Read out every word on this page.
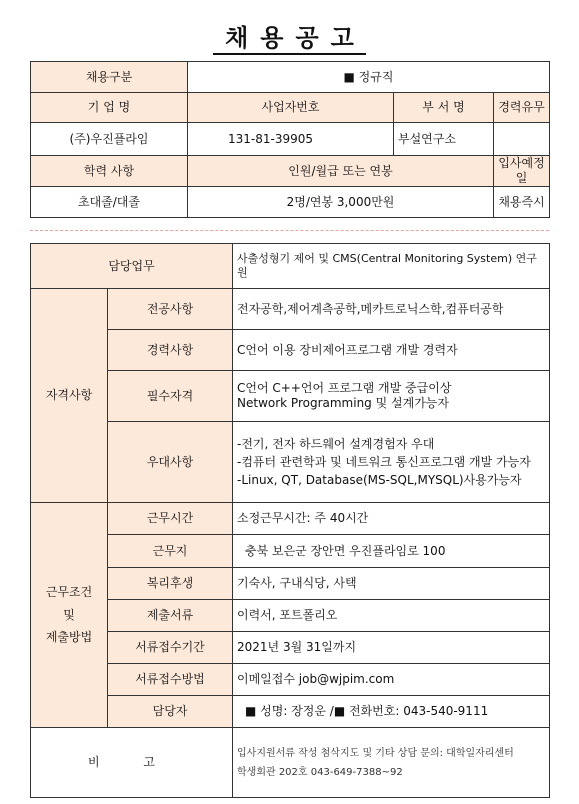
채용공고
채용구분	■ 정규직		
기 업 명	사업자번호	부 서 명	경력유무
(주)우진플라임	131-81-39905	부설연구소	
학력 사항	인원/월급 또는 연봉		입사예정일
초대졸/대졸	2명/연봉 3,000만원		채용즉시
담당업무		사출성형기 제어 및 CMS(Central Monitoring System) 연구원
자격사항	전공사항	전자공학,제어계측공학,메카트로닉스학,컴퓨터공학
	경력사항	C언어 이용 장비제어프로그램 개발 경력자
	필수자격	C언어 C++언어 프로그램 개발 중급이상
Network Programming 및 설계가능자

	우대사항	-전기, 전자 하드웨어 설계경험자 우대
-컴퓨터 관련학과 및 네트워크 통신프로그램 개발 가능자
-Linux, QT, Database(MS-SQL,MYSQL)사용가능자

근무조건
및
제출방법	근무시간	소정근무시간: 주 40시간
	근무지	충북 보은군 장안면 우진플라임로 100
	복리후생	기숙사, 구내식당, 사택
	제출서류	이력서, 포트폴리오
	서류접수기간	2021년 3월 31일까지
	서류접수방법	이메일접수 job@wjpim.com
	담당자	■ 성명: 장정운 /■ 전화번호: 043-540-9111
비 고		입사지원서류 작성 첨삭지도 및 기타 상담 문의: 대학일자리센터
학생회관 202호 043-649-7388~92
